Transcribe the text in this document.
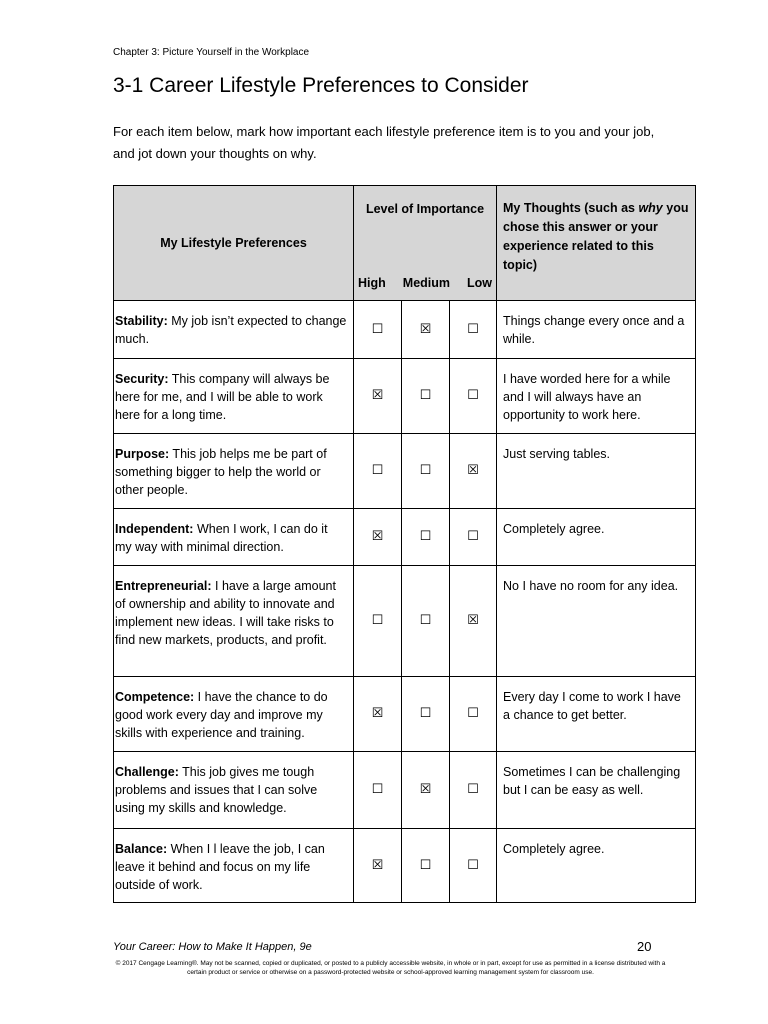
Chapter 3: Picture Yourself in the Workplace
3-1 Career Lifestyle Preferences to Consider

For each item below, mark how important each lifestyle preference item is to you and your job, and jot down your thoughts on why.

My Lifestyle Preferences	Level of Importance
High Medium Low			My Thoughts (such as why you chose this answer or your experience related to this topic)
Stability: My job isn’t expected to change much.	☐	☒	☐	Things change every once and a while.
Security: This company will always be here for me, and I will be able to work here for a long time.	☒	☐	☐	I have worded here for a while and I will always have an opportunity to work here.
Purpose: This job helps me be part of something bigger to help the world or other people.	☐	☐	☒	Just serving tables.
Independent: When I work, I can do it my way with minimal direction.	☒	☐	☐	Completely agree.
Entrepreneurial: I have a large amount of ownership and ability to innovate and implement new ideas. I will take risks to find new markets, products, and profit.	☐	☐	☒	No I have no room for any idea.
Competence: I have the chance to do good work every day and improve my skills with experience and training.	☒	☐	☐	Every day I come to work I have a chance to get better.
Challenge: This job gives me tough problems and issues that I can solve using my skills and knowledge.	☐	☒	☐	Sometimes I can be challenging but I can be easy as well.
Balance: When I l leave the job, I can leave it behind and focus on my life outside of work.	☒	☐	☐	Completely agree.
Your Career: How to Make It Happen, 9e	20
© 2017 Cengage Learning®. May not be scanned, copied or duplicated, or posted to a publicly accessible website, in whole or in part, except for use as permitted in a license distributed with a certain product or service or otherwise on a password-protected website or school-approved learning management system for classroom use.
